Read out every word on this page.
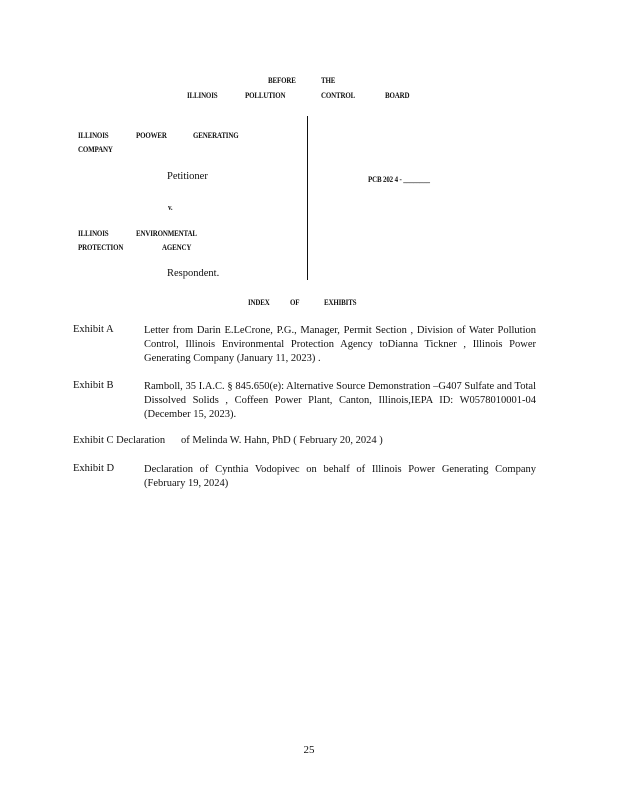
BEFORE	THE
ILLINOIS	POLLUTION	CONTROL	BOARD
ILLINOIS	POOWER	GENERATING
COMPANY
Petitioner	PCB 202 4 - ________
v.
ILLINOIS	ENVIRONMENTAL
PROTECTION	AGENCY
Respondent.
INDEX OF	EXHIBITS
Exhibit A	Letter from Darin E.LeCrone, P.G., Manager, Permit Section , Division of Water Pollution Control, Illinois Environmental Protection Agency toDianna Tickner , Illinois Power Generating Company (January 11, 2023) .
Exhibit B	Ramboll, 35 I.A.C. § 845.650(e): Alternative Source Demonstration –G407 Sulfate and Total Dissolved Solids , Coffeen Power Plant, Canton, Illinois,IEPA ID: W0578010001-04 (December 15, 2023).
Exhibit C Declaration of Melinda W. Hahn, PhD ( February 20, 2024 )
Exhibit D	Declaration of Cynthia Vodopivec on behalf of Illinois Power Generating Company (February 19, 2024)
25
